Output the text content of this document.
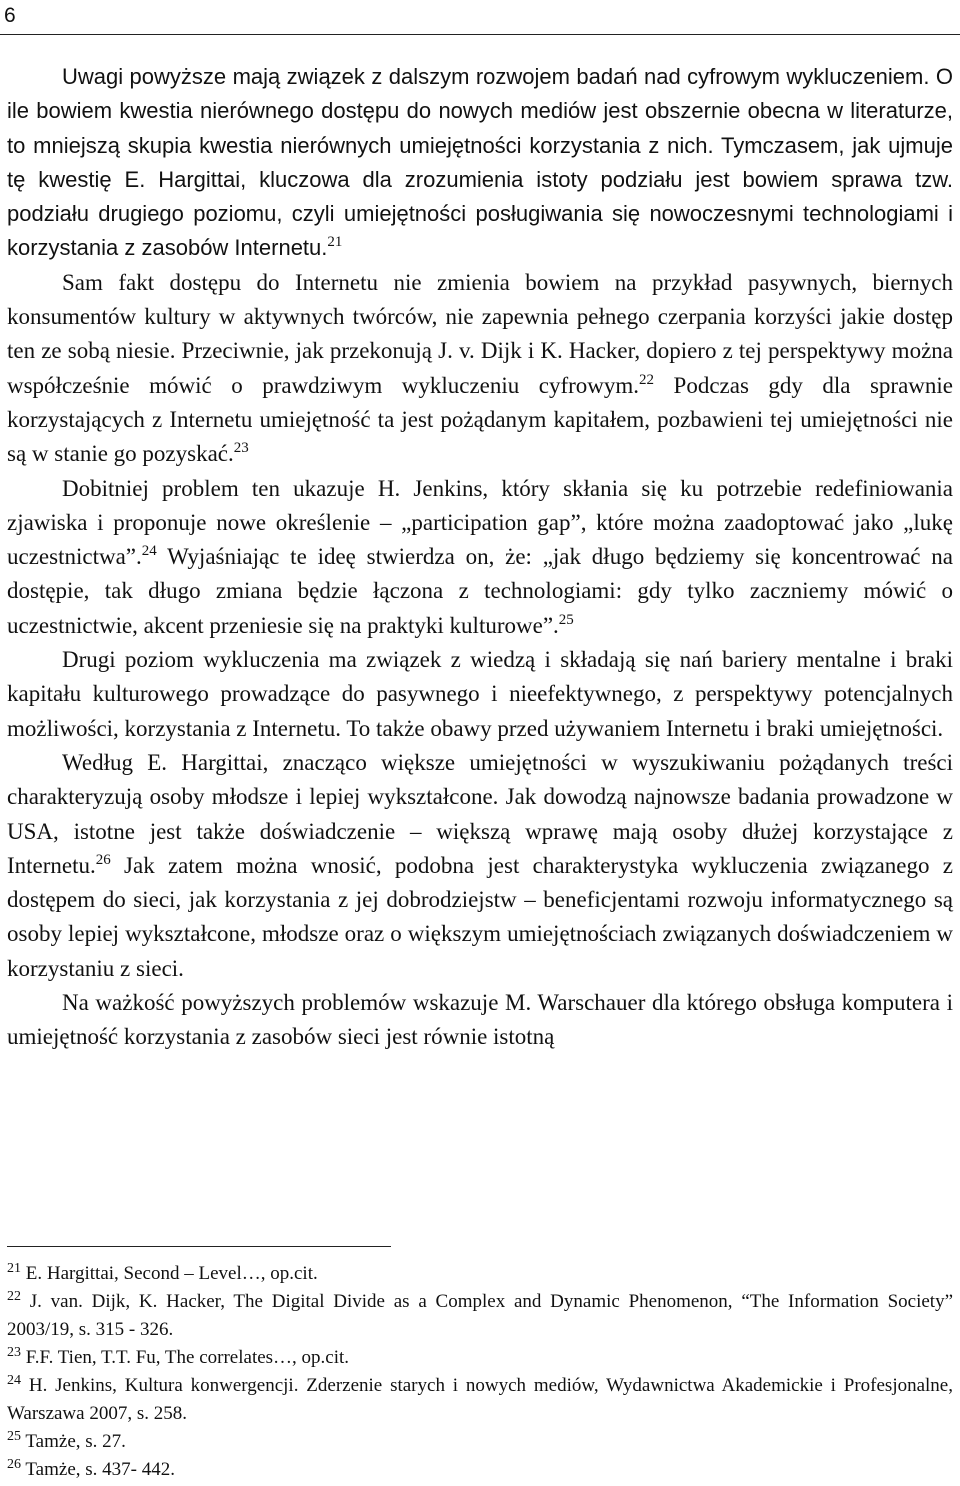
6

Uwagi powyższe mają związek z dalszym rozwojem badań nad cyfrowym wykluczeniem. O ile bowiem kwestia nierównego dostępu do nowych mediów jest obszernie obecna w literaturze, to mniejszą skupia kwestia nierównych umiejętności korzystania z nich. Tymczasem, jak ujmuje tę kwestię E. Hargittai, kluczowa dla zrozumienia istoty podziału jest bowiem sprawa tzw. podziału drugiego poziomu, czyli umiejętności posługiwania się nowoczesnymi technologiami i korzystania z zasobów Internetu.$^{21}$

Sam fakt dostępu do Internetu nie zmienia bowiem na przykład pasywnych, biernych konsumentów kultury w aktywnych twórców, nie zapewnia pełnego czerpania korzyści jakie dostęp ten ze sobą niesie. Przeciwnie, jak przekonują J. v. Dijk i K. Hacker, dopiero z tej perspektywy można współcześnie mówić o prawdziwym wykluczeniu cyfrowym.$^{22}$ Podczas gdy dla sprawnie korzystających z Internetu umiejętność ta jest pożądanym kapitałem, pozbawieni tej umiejętności nie są w stanie go pozyskać.$^{23}$

Dobitniej problem ten ukazuje H. Jenkins, który skłania się ku potrzebie redefiniowania zjawiska i proponuje nowe określenie – „participation gap”, które można zaadoptować jako „lukę uczestnictwa”.$^{24}$ Wyjaśniając te ideę stwierdza on, że: „jak długo będziemy się koncentrować na dostępie, tak długo zmiana będzie łączona z technologiami: gdy tylko zaczniemy mówić o uczestnictwie, akcent przeniesie się na praktyki kulturowe”.$^{25}$

Drugi poziom wykluczenia ma związek z wiedzą i składają się nań bariery mentalne i braki kapitału kulturowego prowadzące do pasywnego i nieefektywnego, z perspektywy potencjalnych możliwości, korzystania z Internetu. To także obawy przed używaniem Internetu i braki umiejętności.

Według E. Hargittai, znacząco większe umiejętności w wyszukiwaniu pożądanych treści charakteryzują osoby młodsze i lepiej wykształcone. Jak dowodzą najnowsze badania prowadzone w USA, istotne jest także doświadczenie – większą wprawę mają osoby dłużej korzystające z Internetu.$^{26}$ Jak zatem można wnosić, podobna jest charakterystyka wykluczenia związanego z dostępem do sieci, jak korzystania z jej dobrodziejstw – beneficjentami rozwoju informatycznego są osoby lepiej wykształcone, młodsze oraz o większym umiejętnościach związanych doświadczeniem w korzystaniu z sieci.

Na ważkość powyższych problemów wskazuje M. Warschauer dla którego obsługa komputera i umiejętność korzystania z zasobów sieci jest równie istotną

$^{21}$ E. Hargittai, Second – Level…, op.cit.

$^{22}$ J. van. Dijk, K. Hacker, The Digital Divide as a Complex and Dynamic Phenomenon, “The Information Society” 2003/19, s. 315 - 326.

$^{23}$ F.F. Tien, T.T. Fu, The correlates…, op.cit.

$^{24}$ H. Jenkins, Kultura konwergencji. Zderzenie starych i nowych mediów, Wydawnictwa Akademickie i Profesjonalne, Warszawa 2007, s. 258.

$^{25}$ Tamże, s. 27.

$^{26}$ Tamże, s. 437- 442.
